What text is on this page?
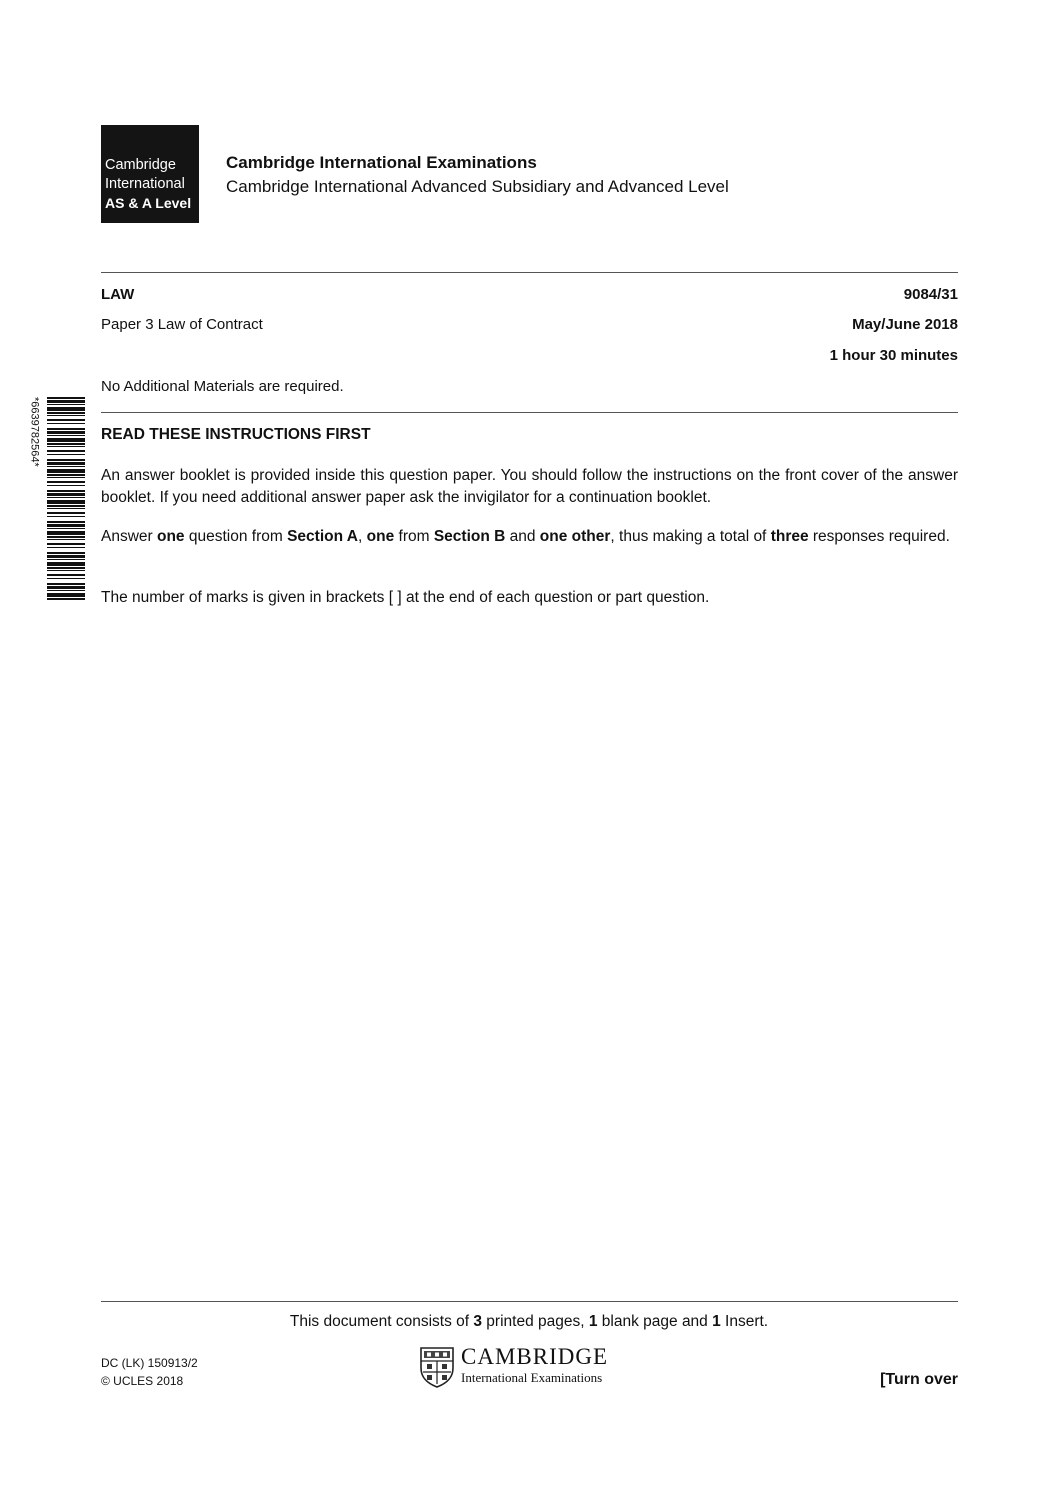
Cambridge
International
AS & A Level
Cambridge International Examinations
Cambridge International Advanced Subsidiary and Advanced Level
LAW	9084/31
Paper 3 Law of Contract	May/June 2018
1 hour 30 minutes
No Additional Materials are required.
*6639782564*	READ THESE INSTRUCTIONS FIRST
An answer booklet is provided inside this question paper. You should follow the instructions on the front cover of the answer booklet. If you need additional answer paper ask the invigilator for a continuation booklet.
Answer one question from Section A, one from Section B and one other, thus making a total of three responses required.
The number of marks is given in brackets [ ] at the end of each question or part question.
This document consists of 3 printed pages, 1 blank page and 1 Insert.
DC (LK) 150913/2
© UCLES 2018
CAMBRIDGE
International Examinations	[Turn over
